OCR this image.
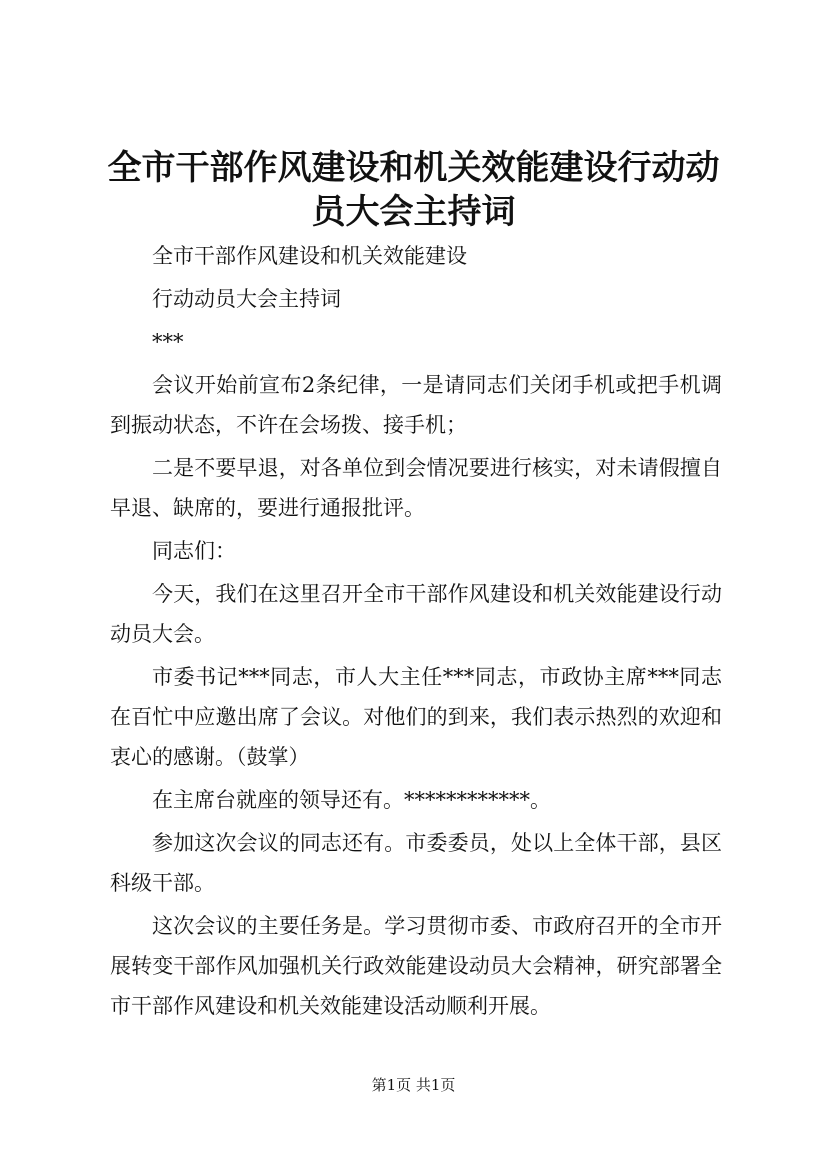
全市干部作风建设和机关效能建设行动动员大会主持词

全市干部作风建设和机关效能建设

行动动员大会主持词

***

会议开始前宣布2条纪律，一是请同志们关闭手机或把手机调到振动状态，不许在会场拨、接手机；

二是不要早退，对各单位到会情况要进行核实，对未请假擅自早退、缺席的，要进行通报批评。

同志们：

今天，我们在这里召开全市干部作风建设和机关效能建设行动动员大会。

市委书记***同志，市人大主任***同志，市政协主席***同志在百忙中应邀出席了会议。对他们的到来，我们表示热烈的欢迎和衷心的感谢。（鼓掌）

在主席台就座的领导还有。************。

参加这次会议的同志还有。市委委员，处以上全体干部，县区科级干部。

这次会议的主要任务是。学习贯彻市委、市政府召开的全市开展转变干部作风加强机关行政效能建设动员大会精神，研究部署全市干部作风建设和机关效能建设活动顺利开展。

第1页 共1页
